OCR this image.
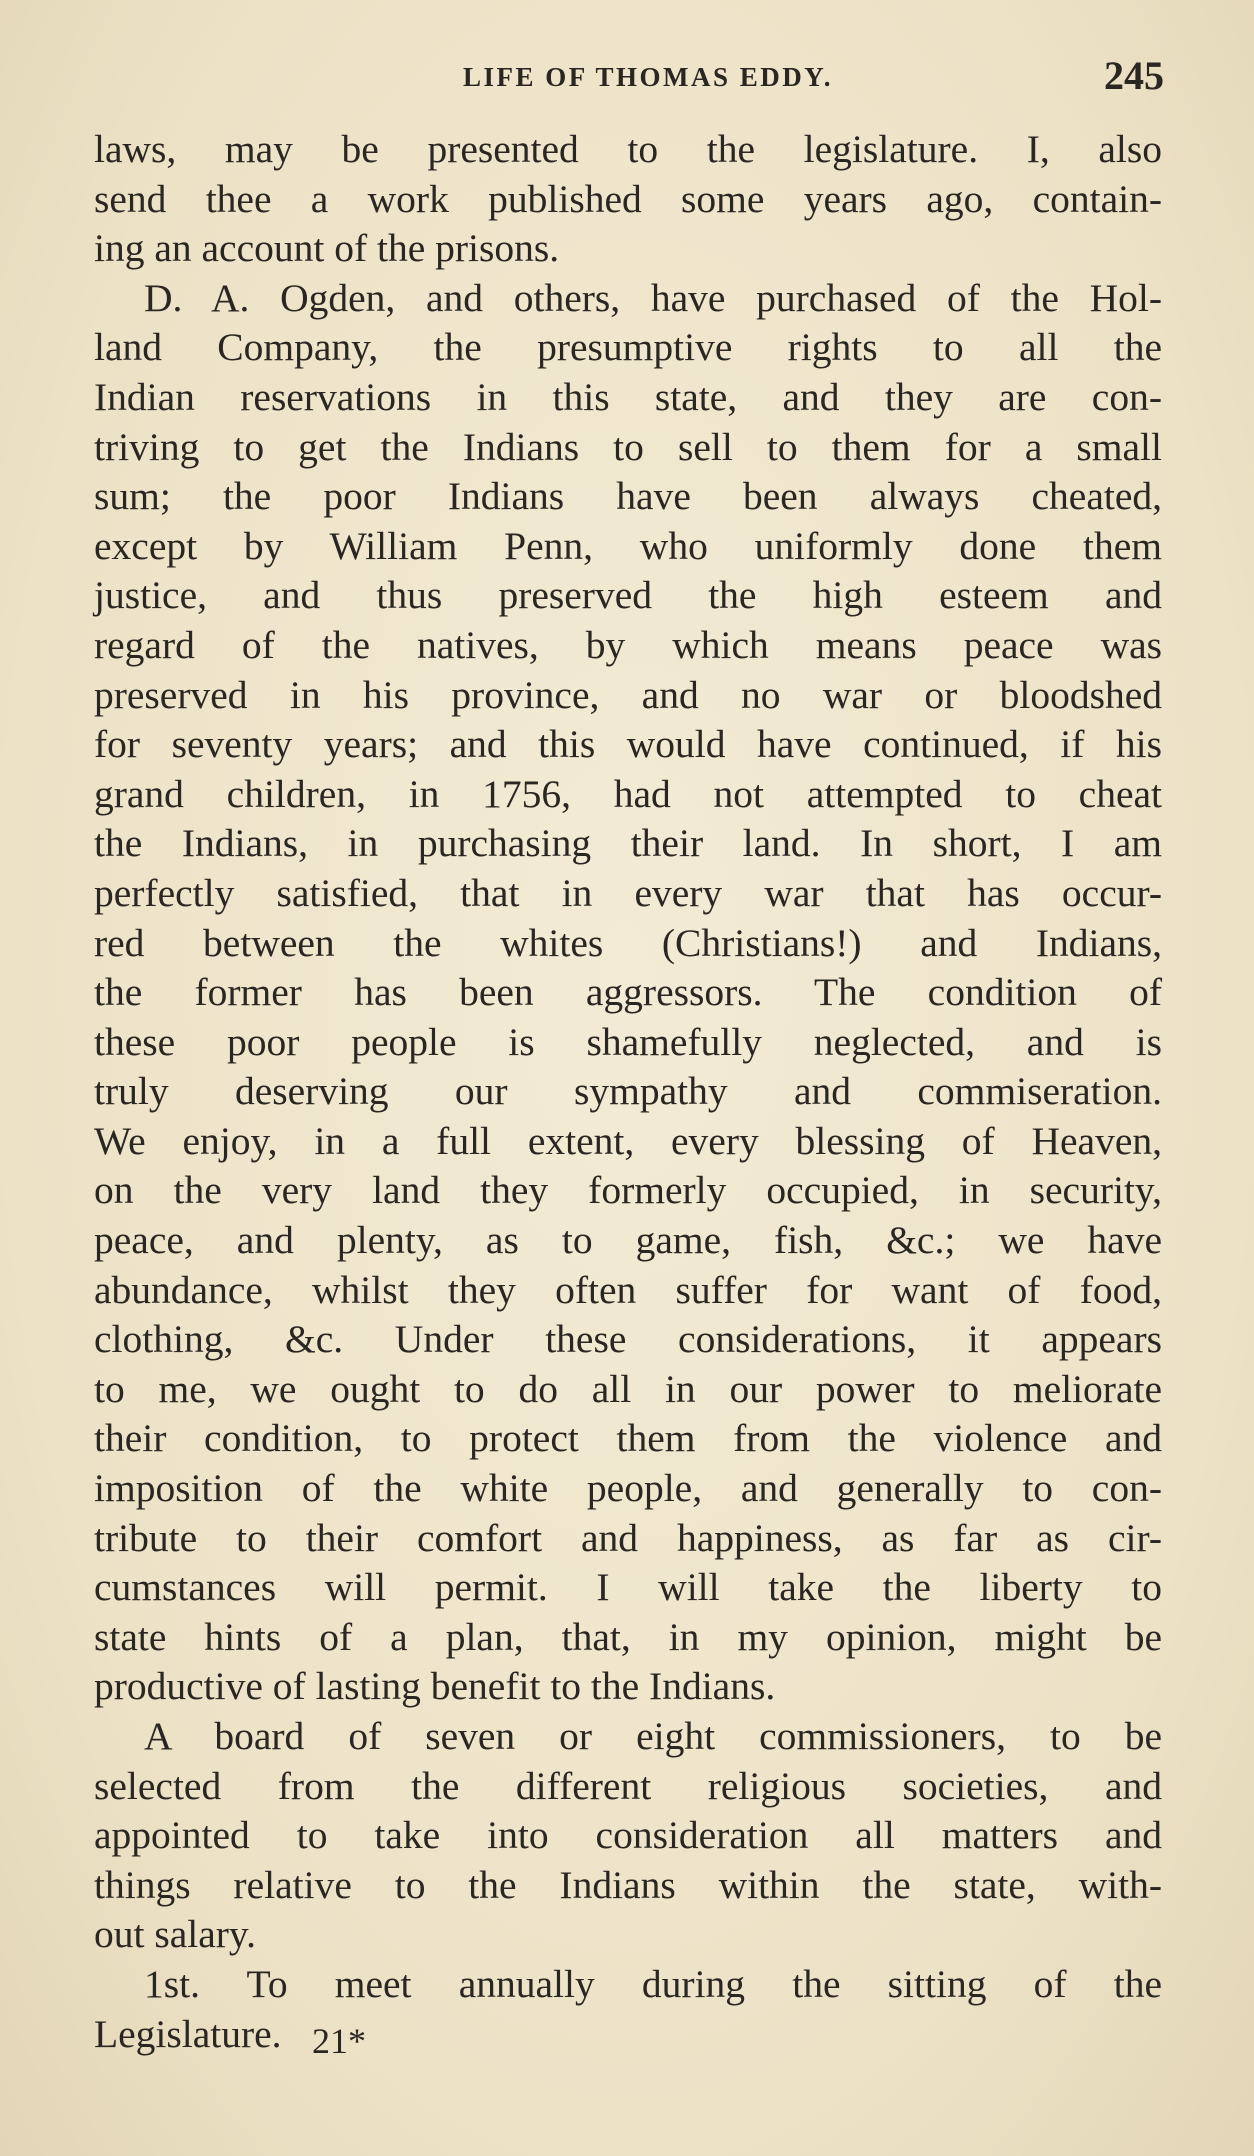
LIFE OF THOMAS EDDY.	245
laws, may be presented to the legislature. I, also
send thee a work published some years ago, contain-
ing an account of the prisons.
D. A. Ogden, and others, have purchased of the Hol-
land Company, the presumptive rights to all the
Indian reservations in this state, and they are con-
triving to get the Indians to sell to them for a small
sum; the poor Indians have been always cheated,
except by William Penn, who uniformly done them
justice, and thus preserved the high esteem and
regard of the natives, by which means peace was
preserved in his province, and no war or bloodshed
for seventy years; and this would have continued, if his
grand children, in 1756, had not attempted to cheat
the Indians, in purchasing their land. In short, I am
perfectly satisfied, that in every war that has occur-
red between the whites (Christians!) and Indians,
the former has been aggressors. The condition of
these poor people is shamefully neglected, and is
truly deserving our sympathy and commiseration.
We enjoy, in a full extent, every blessing of Heaven,
on the very land they formerly occupied, in security,
peace, and plenty, as to game, fish, &c.; we have
abundance, whilst they often suffer for want of food,
clothing, &c. Under these considerations, it appears
to me, we ought to do all in our power to meliorate
their condition, to protect them from the violence and
imposition of the white people, and generally to con-
tribute to their comfort and happiness, as far as cir-
cumstances will permit. I will take the liberty to
state hints of a plan, that, in my opinion, might be
productive of lasting benefit to the Indians.
A board of seven or eight commissioners, to be
selected from the different religious societies, and
appointed to take into consideration all matters and
things relative to the Indians within the state, with-
out salary.
1st. To meet annually during the sitting of the
Legislature. 21*
